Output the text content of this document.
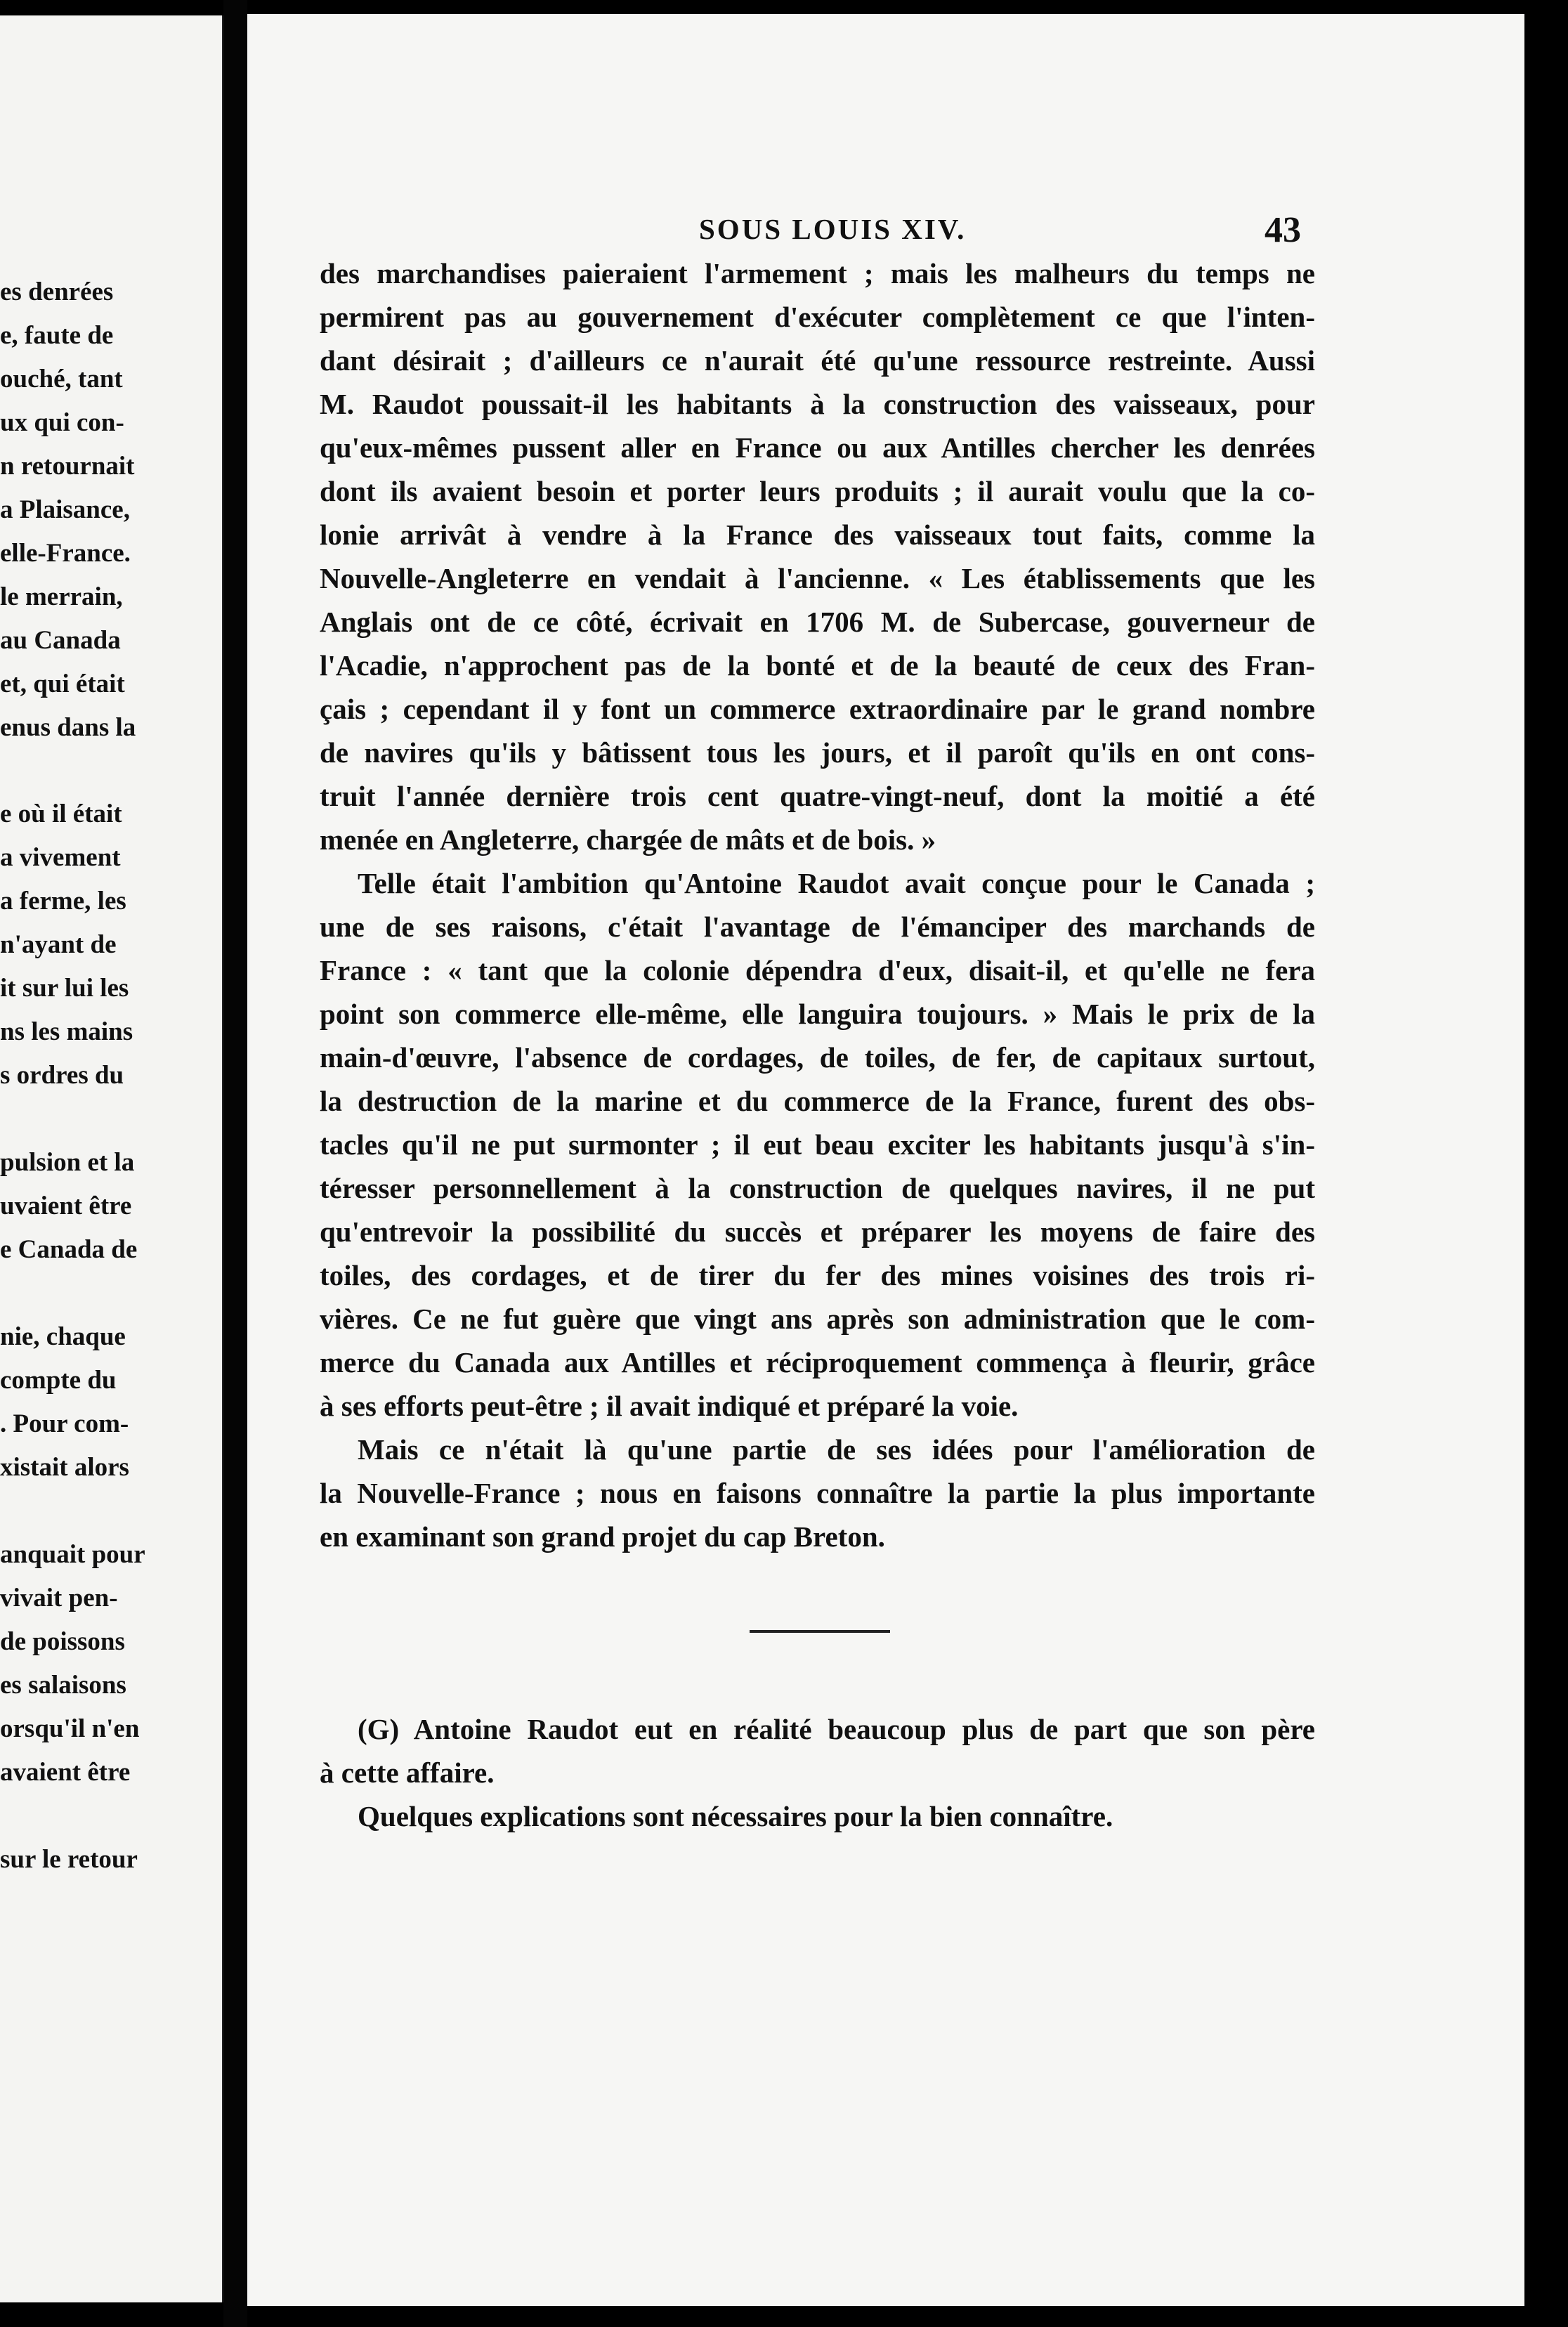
es denrées
e, faute de
ouché, tant
ux qui con-
n retournait
a Plaisance,
elle-France.
le merrain,
au Canada
et, qui était
enus dans la
e où il était
a vivement
a ferme, les
n'ayant de
it sur lui les
ns les mains
s ordres du
pulsion et la
uvaient être
e Canada de
nie, chaque
compte du
. Pour com-
xistait alors
anquait pour
vivait pen-
de poissons
es salaisons
orsqu'il n'en
avaient être
sur le retour
SOUS LOUIS XIV.	43
des marchandises paieraient l'armement ; mais les malheurs du temps ne
permirent pas au gouvernement d'exécuter complètement ce que l'inten-
dant désirait ; d'ailleurs ce n'aurait été qu'une ressource restreinte. Aussi
M. Raudot poussait-il les habitants à la construction des vaisseaux, pour
qu'eux-mêmes pussent aller en France ou aux Antilles chercher les denrées
dont ils avaient besoin et porter leurs produits ; il aurait voulu que la co-
lonie arrivât à vendre à la France des vaisseaux tout faits, comme la
Nouvelle-Angleterre en vendait à l'ancienne. « Les établissements que les
Anglais ont de ce côté, écrivait en 1706 M. de Subercase, gouverneur de
l'Acadie, n'approchent pas de la bonté et de la beauté de ceux des Fran-
çais ; cependant il y font un commerce extraordinaire par le grand nombre
de navires qu'ils y bâtissent tous les jours, et il paroît qu'ils en ont cons-
truit l'année dernière trois cent quatre-vingt-neuf, dont la moitié a été
menée en Angleterre, chargée de mâts et de bois. »
Telle était l'ambition qu'Antoine Raudot avait conçue pour le Canada ;
une de ses raisons, c'était l'avantage de l'émanciper des marchands de
France : « tant que la colonie dépendra d'eux, disait-il, et qu'elle ne fera
point son commerce elle-même, elle languira toujours. » Mais le prix de la
main-d'œuvre, l'absence de cordages, de toiles, de fer, de capitaux surtout,
la destruction de la marine et du commerce de la France, furent des obs-
tacles qu'il ne put surmonter ; il eut beau exciter les habitants jusqu'à s'in-
téresser personnellement à la construction de quelques navires, il ne put
qu'entrevoir la possibilité du succès et préparer les moyens de faire des
toiles, des cordages, et de tirer du fer des mines voisines des trois ri-
vières. Ce ne fut guère que vingt ans après son administration que le com-
merce du Canada aux Antilles et réciproquement commença à fleurir, grâce
à ses efforts peut-être ; il avait indiqué et préparé la voie.
Mais ce n'était là qu'une partie de ses idées pour l'amélioration de
la Nouvelle-France ; nous en faisons connaître la partie la plus importante
en examinant son grand projet du cap Breton.
(G) Antoine Raudot eut en réalité beaucoup plus de part que son père
à cette affaire.
Quelques explications sont nécessaires pour la bien connaître.
